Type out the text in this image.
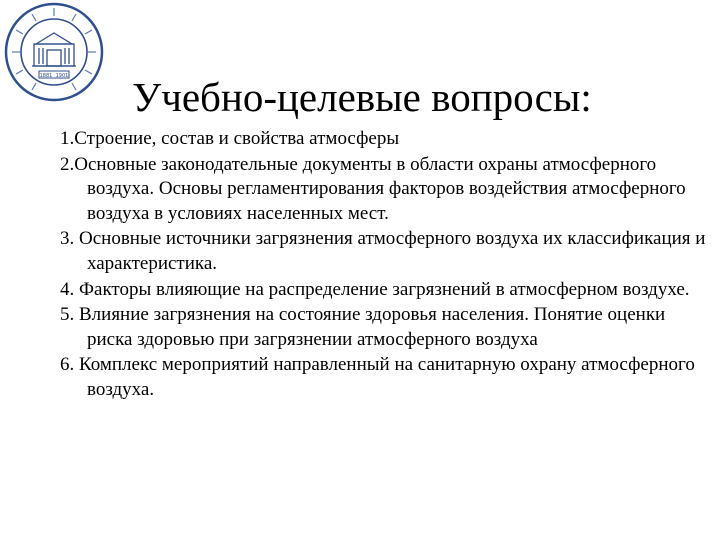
1881 1901	Учебно-целевые вопросы:
1.Строение, состав и свойства атмосферы
2.Основные законодательные документы в области охраны атмосферного воздуха. Основы регламентирования факторов воздействия атмосферного воздуха в условиях населенных мест.
3. Основные источники загрязнения атмосферного воздуха их классификация и характеристика.
4. Факторы влияющие на распределение загрязнений в атмосферном воздухе.
5. Влияние загрязнения на состояние здоровья населения. Понятие оценки риска здоровью при загрязнении атмосферного воздуха
6. Комплекс мероприятий направленный на санитарную охрану атмосферного воздуха.
